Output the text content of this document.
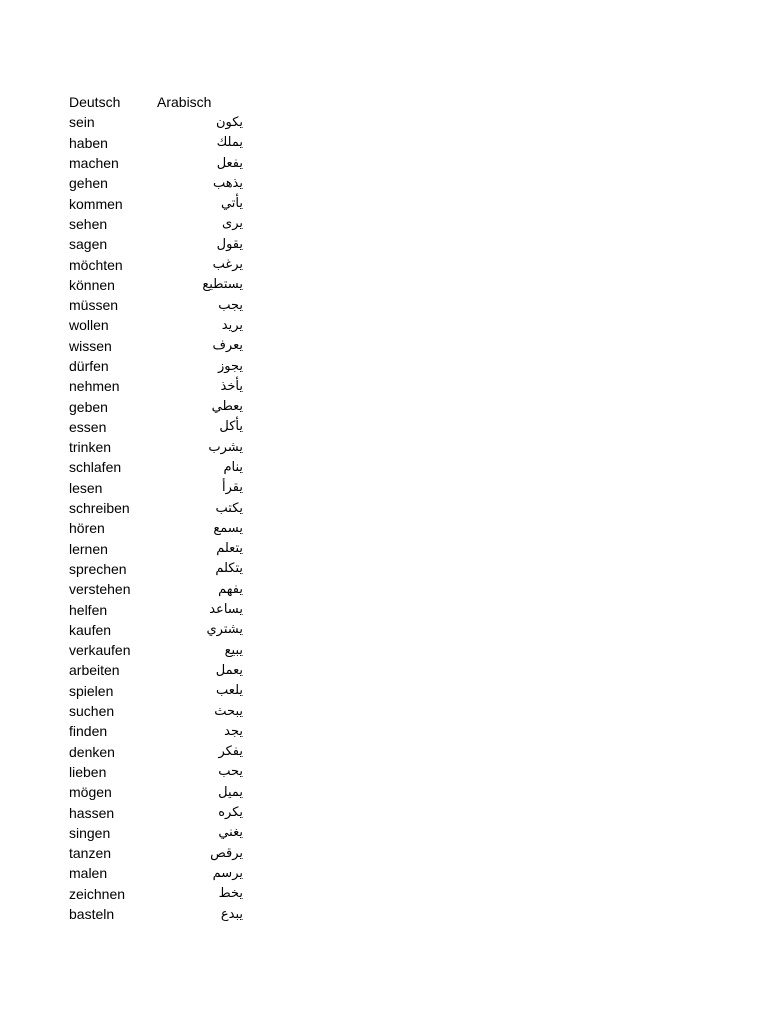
Deutsch	Arabisch
sein	يكون
haben	يملك
machen	يفعل
gehen	يذهب
kommen	يأتي
sehen	يرى
sagen	يقول
möchten	يرغب
können	يستطيع
müssen	يجب
wollen	يريد
wissen	يعرف
dürfen	يجوز
nehmen	يأخذ
geben	يعطي
essen	يأكل
trinken	يشرب
schlafen	ينام
lesen	يقرأ
schreiben	يكتب
hören	يسمع
lernen	يتعلم
sprechen	يتكلم
verstehen	يفهم
helfen	يساعد
kaufen	يشتري
verkaufen	يبيع
arbeiten	يعمل
spielen	يلعب
suchen	يبحث
finden	يجد
denken	يفكر
lieben	يحب
mögen	يميل
hassen	يكره
singen	يغني
tanzen	يرقص
malen	يرسم
zeichnen	يخط
basteln	يبدع
